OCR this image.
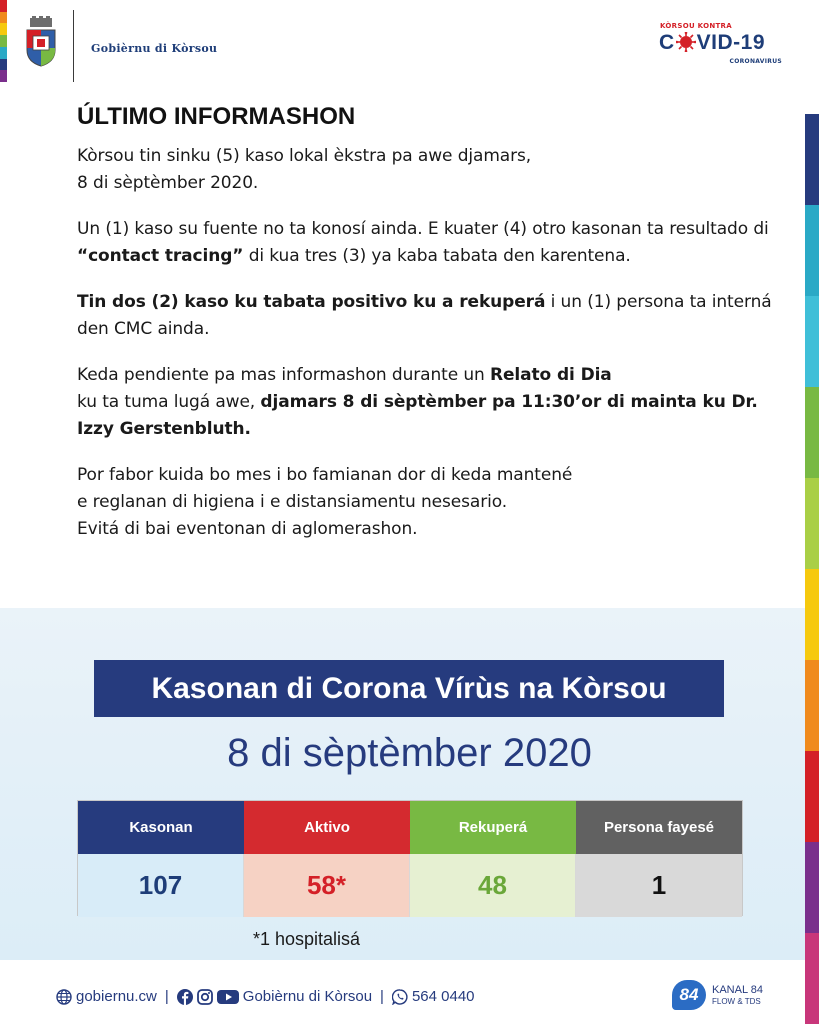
Gobièrnu di Kòrsou
KÒRSOU KONTRA
C VID-19
CORONAVIRUS
ÚLTIMO INFORMASHON
Kòrsou tin sinku (5) kaso lokal èkstra pa awe djamars,
8 di sèptèmber 2020.
Un (1) kaso su fuente no ta konosí ainda. E kuater (4) otro kasonan ta resultado di “contact tracing” di kua tres (3) ya kaba tabata den karentena.
Tin dos (2) kaso ku tabata positivo ku a rekuperá i un (1) persona ta interná den CMC ainda.
Keda pendiente pa mas informashon durante un Relato di Dia
ku ta tuma lugá awe, djamars 8 di sèptèmber pa 11:30’or di mainta ku Dr. Izzy Gerstenbluth.
Por fabor kuida bo mes i bo famianan dor di keda mantené
e reglanan di higiena i e distansiamentu nesesario.
Evitá di bai eventonan di aglomerashon.
Kasonan di Corona Vírùs na Kòrsou
8 di sèptèmber 2020
Kasonan	Aktivo	Rekuperá	Persona fayesé
107	58*	48	1
*1 hospitalisá
gobiernu.cw |	Gobièrnu di Kòrsou | 564 0440	84	KANAL 84
FLOW & TDS
